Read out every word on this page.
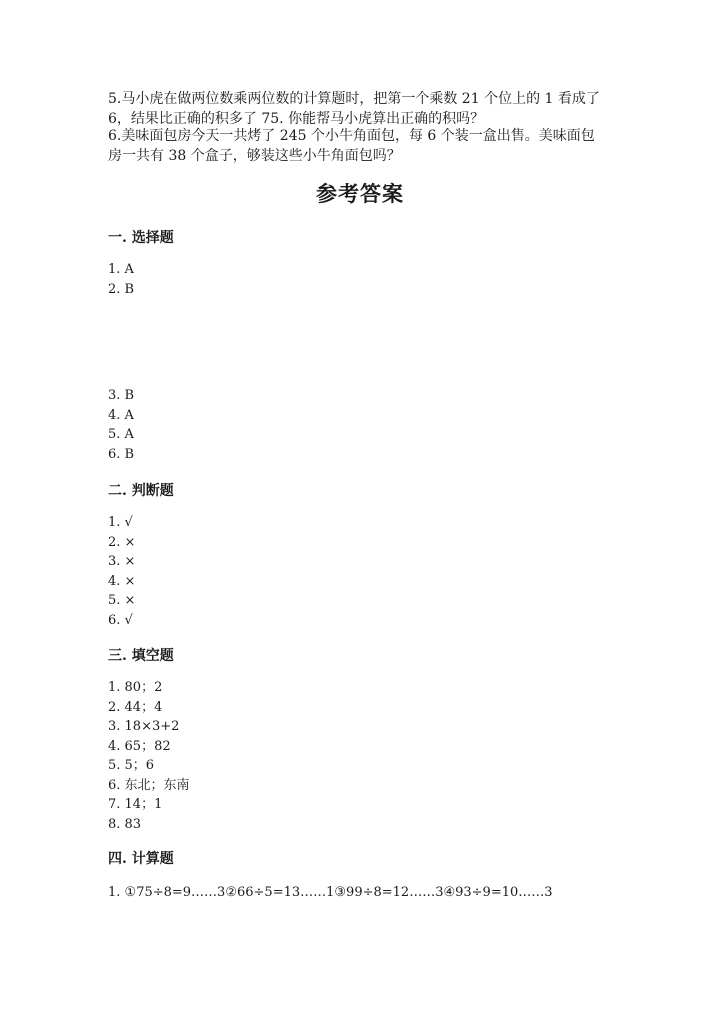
5.马小虎在做两位数乘两位数的计算题时，把第一个乘数 21 个位上的 1 看成了
6，结果比正确的积多了 75. 你能帮马小虎算出正确的积吗？

6.美味面包房今天一共烤了 245 个小牛角面包，每 6 个装一盒出售。美味面包
房一共有 38 个盒子，够装这些小牛角面包吗？

参考答案
一. 选择题
1. A
2. B
3. B
4. A
5. A
6. B
二. 判断题
1. √
2. ×
3. ×
4. ×
5. ×
6. √
三. 填空题
1. 80；2
2. 44；4
3. 18×3+2
4. 65；82
5. 5；6
6. 东北；东南
7. 14；1
8. 83
四. 计算题
1. ①75÷8=9……3②66÷5=13……1③99÷8=12……3④93÷9=10……3
